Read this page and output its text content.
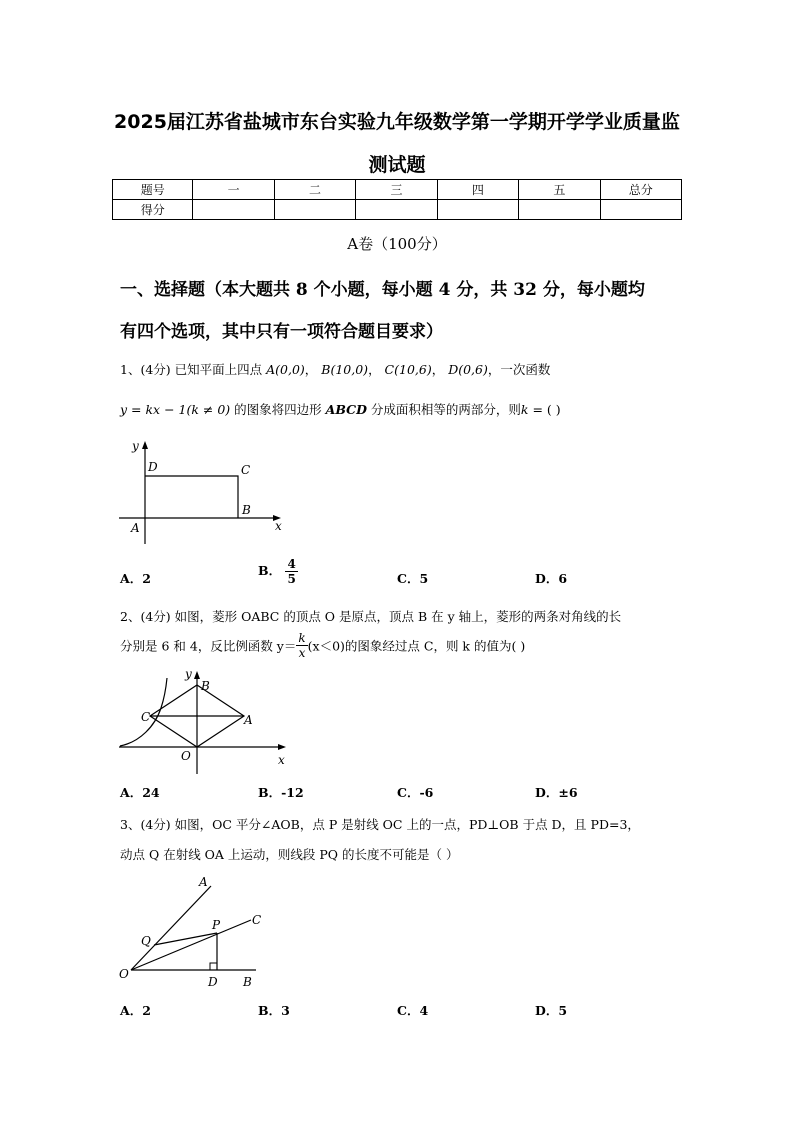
2025届江苏省盐城市东台实验九年级数学第一学期开学学业质量监
测试题
题号	一	二	三	四	五	总分
得分						
A卷（100分）
一、选择题（本大题共 8 个小题，每小题 4 分，共 32 分，每小题均
有四个选项，其中只有一项符合题目要求）
1、(4分) 已知平面上四点 A(0,0)， B(10,0)， C(10,6)， D(0,6)，一次函数
y = kx − 1(k ≠ 0) 的图象将四边形 ABCD 分成面积相等的两部分，则k = ( )
y
x
D	C
B
A
A．2
B． $\frac{4}{5}$	C．5	D．6
2、(4分) 如图，菱形 OABC 的顶点 O 是原点，顶点 B 在 y 轴上，菱形的两条对角线的长
分别是 6 和 4，反比例函数 $y= \frac{k}{x} (x<0)$的图象经过点 C，则 k 的值为( )
y
x
B
C	A
O
A．24	B．-12	C．-6	D．±6
3、(4分) 如图，OC 平分∠AOB，点 P 是射线 OC 上的一点，PD⊥OB 于点 D，且 PD=3，
动点 Q 在射线 OA 上运动，则线段 PQ 的长度不可能是（ ）
A
C
P
Q
O
D B
A．2	B．3	C．4	D．5
